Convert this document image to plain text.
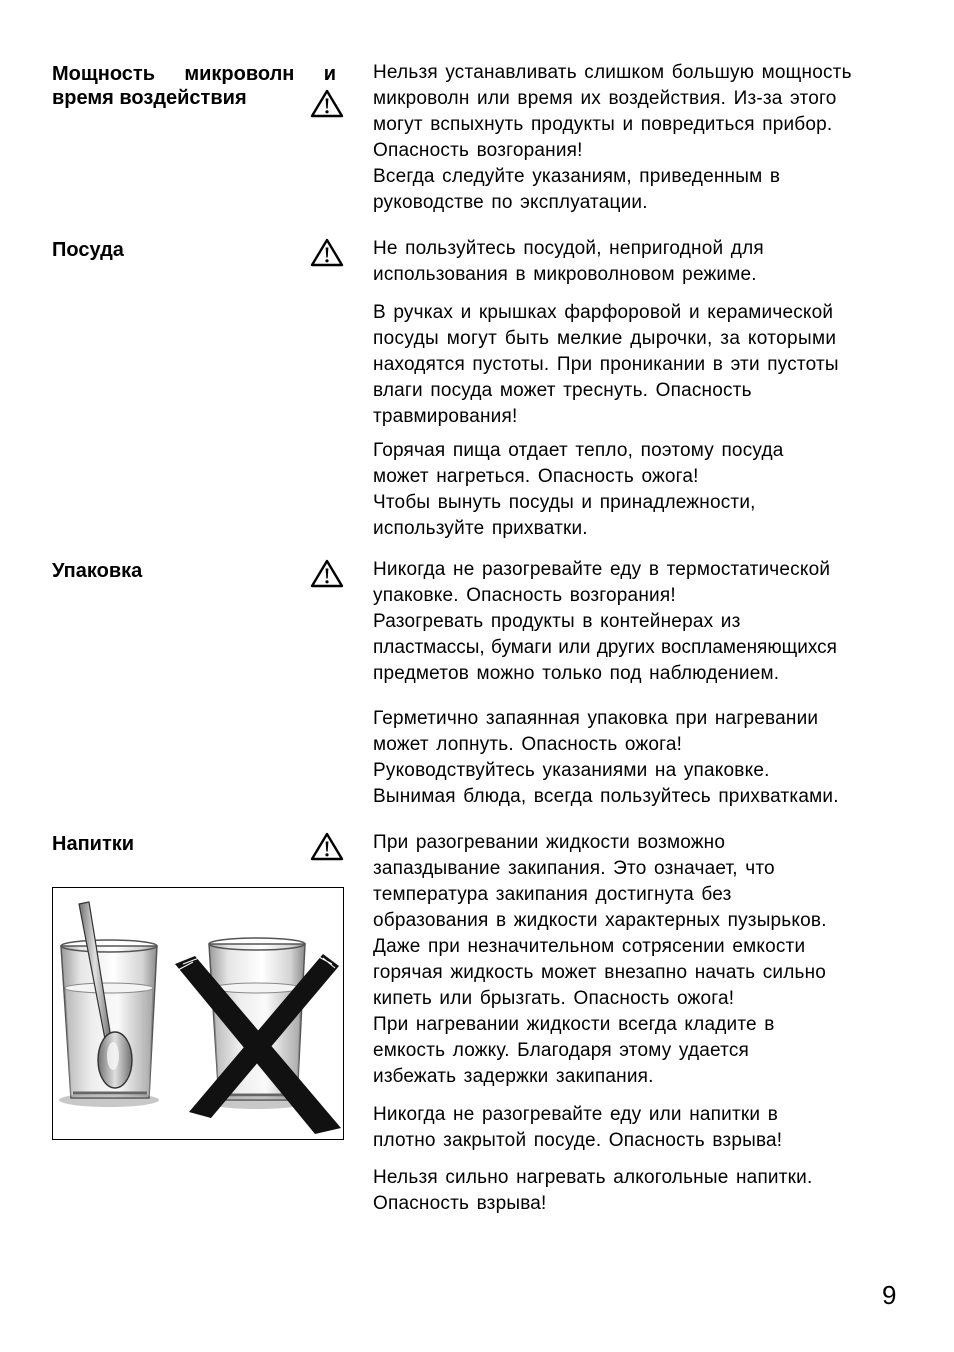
Мощность микроволн и
время воздействия

Нельзя устанавливать слишком большую мощность

микроволн или время их воздействия. Из-за этого

могут вспыхнуть продукты и повредиться прибор.

Опасность возгорания!

Всегда следуйте указаниям, приведенным в

руководстве по эксплуатации.

Посуда	Не пользуйтесь посудой, непригодной для

использования в микроволновом режиме.

В ручках и крышках фарфоровой и керамической

посуды могут быть мелкие дырочки, за которыми

находятся пустоты. При проникании в эти пустоты

влаги посуда может треснуть. Опасность

травмирования!

Горячая пища отдает тепло, поэтому посуда

может нагреться. Опасность ожога!

Чтобы вынуть посуды и принадлежности,

используйте прихватки.

Упаковка	Никогда не разогревайте еду в термостатической

упаковке. Опасность возгорания!

Разогревать продукты в контейнерах из

пластмассы, бумаги или других воспламеняющихся

предметов можно только под наблюдением.

Герметично запаянная упаковка при нагревании

может лопнуть. Опасность ожога!

Руководствуйтесь указаниями на упаковке.

Вынимая блюда, всегда пользуйтесь прихватками.

Напитки	При разогревании жидкости возможно

запаздывание закипания. Это означает, что

температура закипания достигнута без

образования в жидкости характерных пузырьков.

Даже при незначительном сотрясении емкости

горячая жидкость может внезапно начать сильно

кипеть или брызгать. Опасность ожога!

При нагревании жидкости всегда кладите в

емкость ложку. Благодаря этому удается

избежать задержки закипания.

Никогда не разогревайте еду или напитки в

плотно закрытой посуде. Опасность взрыва!

Нельзя сильно нагревать алкогольные напитки.

Опасность взрыва!

9
